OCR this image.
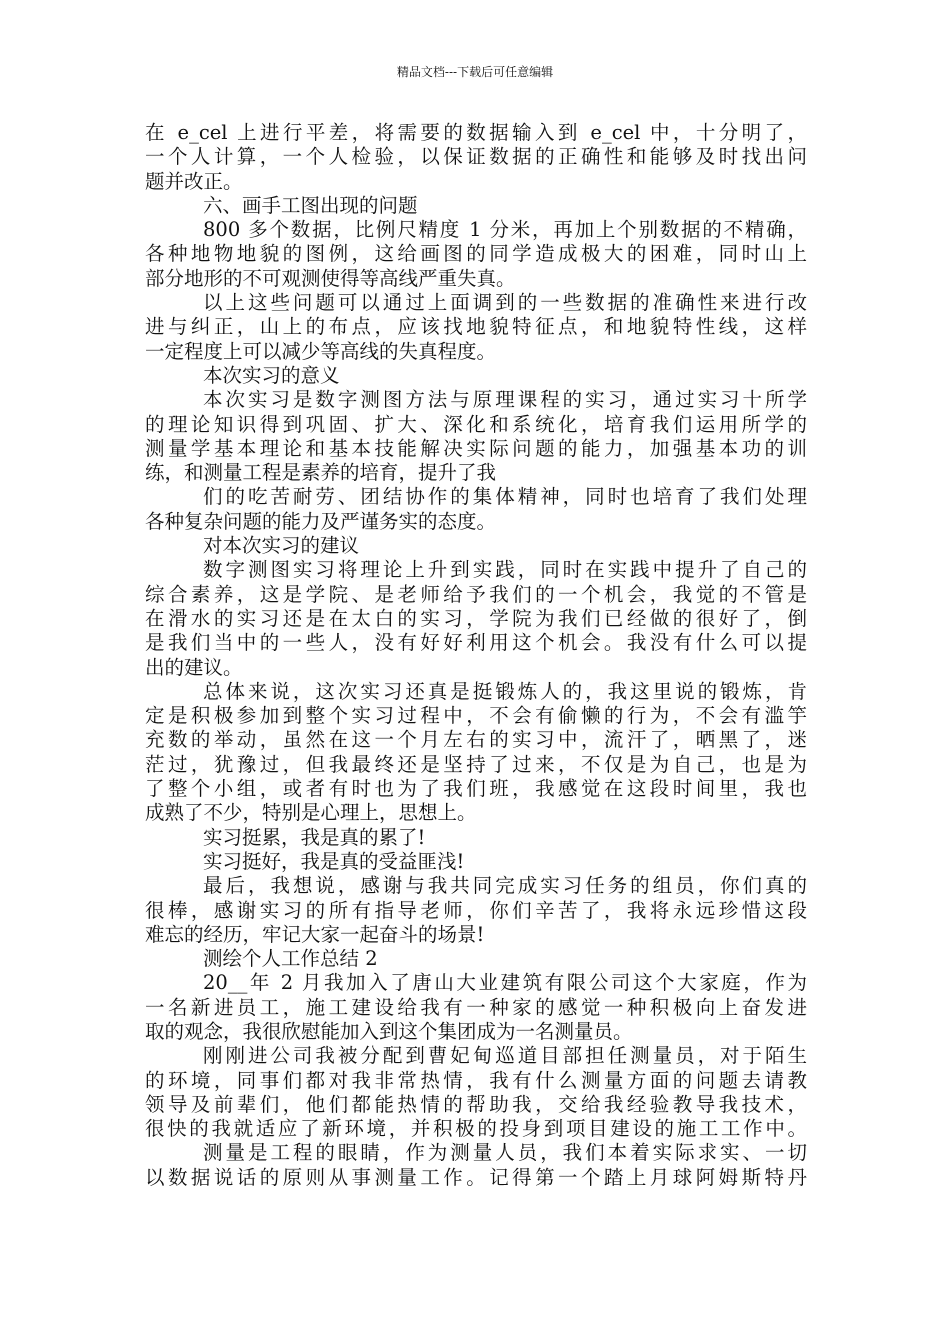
精品文档---下载后可任意编辑
在 e_cel 上进行平差，将需要的数据输入到 e_cel 中，十分明了，
一个人计算，一个人检验，以保证数据的正确性和能够及时找出问
题并改正。
六、画手工图出现的问题
800 多个数据，比例尺精度 1 分米，再加上个别数据的不精确，
各种地物地貌的图例，这给画图的同学造成极大的困难，同时山上
部分地形的不可观测使得等高线严重失真。
以上这些问题可以通过上面调到的一些数据的准确性来进行改
进与纠正，山上的布点，应该找地貌特征点，和地貌特性线，这样
一定程度上可以减少等高线的失真程度。
本次实习的意义
本次实习是数字测图方法与原理课程的实习，通过实习十所学
的理论知识得到巩固、扩大、深化和系统化，培育我们运用所学的
测量学基本理论和基本技能解决实际问题的能力，加强基本功的训
练，和测量工程是素养的培育，提升了我
们的吃苦耐劳、团结协作的集体精神，同时也培育了我们处理
各种复杂问题的能力及严谨务实的态度。
对本次实习的建议
数字测图实习将理论上升到实践，同时在实践中提升了自己的
综合素养，这是学院、是老师给予我们的一个机会，我觉的不管是
在滑水的实习还是在太白的实习，学院为我们已经做的很好了，倒
是我们当中的一些人，没有好好利用这个机会。我没有什么可以提
出的建议。
总体来说，这次实习还真是挺锻炼人的，我这里说的锻炼，肯
定是积极参加到整个实习过程中，不会有偷懒的行为，不会有滥竽
充数的举动，虽然在这一个月左右的实习中，流汗了，晒黑了，迷
茫过，犹豫过，但我最终还是坚持了过来，不仅是为自己，也是为
了整个小组，或者有时也为了我们班，我感觉在这段时间里，我也
成熟了不少，特别是心理上，思想上。
实习挺累，我是真的累了!
实习挺好，我是真的受益匪浅!
最后，我想说，感谢与我共同完成实习任务的组员，你们真的
很棒，感谢实习的所有指导老师，你们辛苦了，我将永远珍惜这段
难忘的经历，牢记大家一起奋斗的场景!
测绘个人工作总结 2
20__年 2 月我加入了唐山大业建筑有限公司这个大家庭，作为
一名新进员工，施工建设给我有一种家的感觉一种积极向上奋发进
取的观念，我很欣慰能加入到这个集团成为一名测量员。
刚刚进公司我被分配到曹妃甸巡道目部担任测量员，对于陌生
的环境，同事们都对我非常热情，我有什么测量方面的问题去请教
领导及前辈们，他们都能热情的帮助我，交给我经验教导我技术，
很快的我就适应了新环境，并积极的投身到项目建设的施工工作中。
测量是工程的眼睛，作为测量人员，我们本着实际求实、一切
以数据说话的原则从事测量工作。记得第一个踏上月球阿姆斯特丹
